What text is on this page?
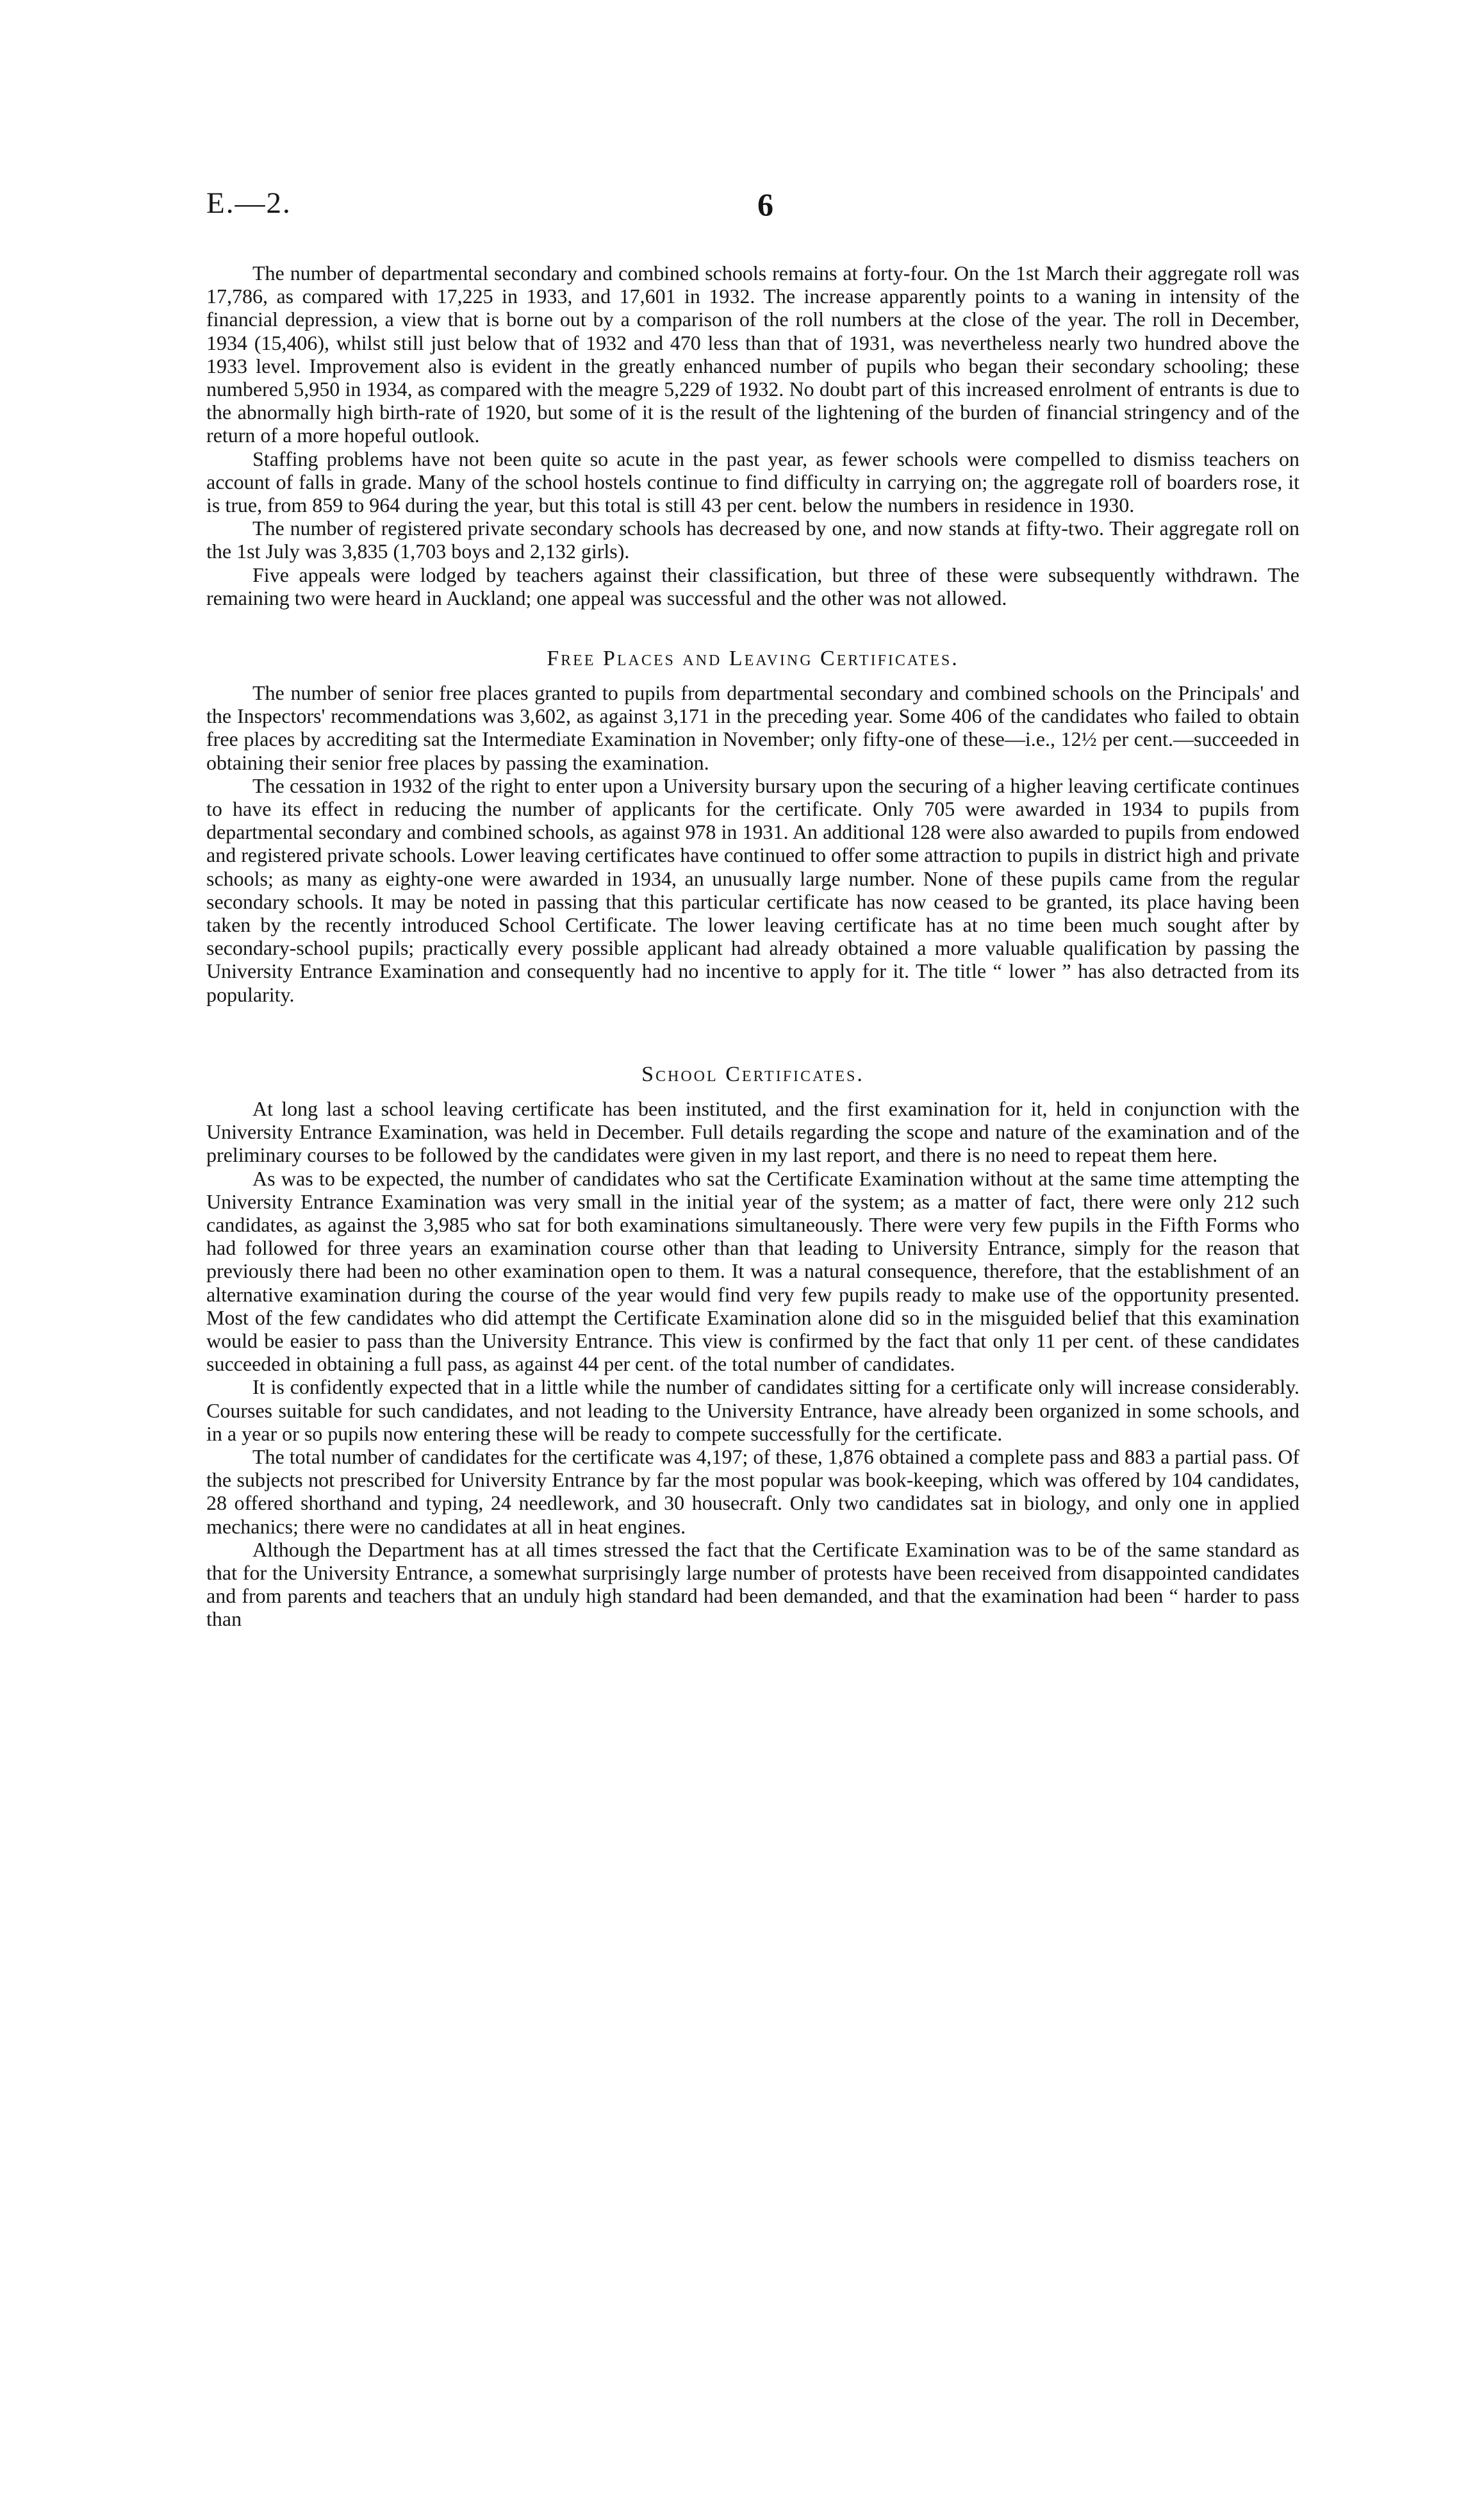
E.—2.	6

The number of departmental secondary and combined schools remains at forty-four. On the 1st March their aggregate roll was 17,786, as compared with 17,225 in 1933, and 17,601 in 1932. The increase apparently points to a waning in intensity of the financial depression, a view that is borne out by a comparison of the roll numbers at the close of the year. The roll in December, 1934 (15,406), whilst still just below that of 1932 and 470 less than that of 1931, was nevertheless nearly two hundred above the 1933 level. Improvement also is evident in the greatly enhanced number of pupils who began their secondary schooling; these numbered 5,950 in 1934, as compared with the meagre 5,229 of 1932. No doubt part of this increased enrolment of entrants is due to the abnormally high birth-rate of 1920, but some of it is the result of the lightening of the burden of financial stringency and of the return of a more hopeful outlook.

Staffing problems have not been quite so acute in the past year, as fewer schools were compelled to dismiss teachers on account of falls in grade. Many of the school hostels continue to find difficulty in carrying on; the aggregate roll of boarders rose, it is true, from 859 to 964 during the year, but this total is still 43 per cent. below the numbers in residence in 1930.

The number of registered private secondary schools has decreased by one, and now stands at fifty-two. Their aggregate roll on the 1st July was 3,835 (1,703 boys and 2,132 girls).

Five appeals were lodged by teachers against their classification, but three of these were subsequently withdrawn. The remaining two were heard in Auckland; one appeal was successful and the other was not allowed.

Free Places and Leaving Certificates.

The number of senior free places granted to pupils from departmental secondary and combined schools on the Principals' and the Inspectors' recommendations was 3,602, as against 3,171 in the preceding year. Some 406 of the candidates who failed to obtain free places by accrediting sat the Intermediate Examination in November; only fifty-one of these—i.e., 12½ per cent.—succeeded in obtaining their senior free places by passing the examination.

The cessation in 1932 of the right to enter upon a University bursary upon the securing of a higher leaving certificate continues to have its effect in reducing the number of applicants for the certificate. Only 705 were awarded in 1934 to pupils from departmental secondary and combined schools, as against 978 in 1931. An additional 128 were also awarded to pupils from endowed and registered private schools. Lower leaving certificates have continued to offer some attraction to pupils in district high and private schools; as many as eighty-one were awarded in 1934, an unusually large number. None of these pupils came from the regular secondary schools. It may be noted in passing that this particular certificate has now ceased to be granted, its place having been taken by the recently introduced School Certificate. The lower leaving certificate has at no time been much sought after by secondary-school pupils; practically every possible applicant had already obtained a more valuable qualification by passing the University Entrance Examination and consequently had no incentive to apply for it. The title “ lower ” has also detracted from its popularity.

School Certificates.

At long last a school leaving certificate has been instituted, and the first examination for it, held in conjunction with the University Entrance Examination, was held in December. Full details regarding the scope and nature of the examination and of the preliminary courses to be followed by the candidates were given in my last report, and there is no need to repeat them here.

As was to be expected, the number of candidates who sat the Certificate Examination without at the same time attempting the University Entrance Examination was very small in the initial year of the system; as a matter of fact, there were only 212 such candidates, as against the 3,985 who sat for both examinations simultaneously. There were very few pupils in the Fifth Forms who had followed for three years an examination course other than that leading to University Entrance, simply for the reason that previously there had been no other examination open to them. It was a natural consequence, therefore, that the establishment of an alternative examination during the course of the year would find very few pupils ready to make use of the opportunity presented. Most of the few candidates who did attempt the Certificate Examination alone did so in the misguided belief that this examination would be easier to pass than the University Entrance. This view is confirmed by the fact that only 11 per cent. of these candidates succeeded in obtaining a full pass, as against 44 per cent. of the total number of candidates.

It is confidently expected that in a little while the number of candidates sitting for a certificate only will increase considerably. Courses suitable for such candidates, and not leading to the University Entrance, have already been organized in some schools, and in a year or so pupils now entering these will be ready to compete successfully for the certificate.

The total number of candidates for the certificate was 4,197; of these, 1,876 obtained a complete pass and 883 a partial pass. Of the subjects not prescribed for University Entrance by far the most popular was book-keeping, which was offered by 104 candidates, 28 offered shorthand and typing, 24 needlework, and 30 housecraft. Only two candidates sat in biology, and only one in applied mechanics; there were no candidates at all in heat engines.

Although the Department has at all times stressed the fact that the Certificate Examination was to be of the same standard as that for the University Entrance, a somewhat surprisingly large number of protests have been received from disappointed candidates and from parents and teachers that an unduly high standard had been demanded, and that the examination had been “ harder to pass than
